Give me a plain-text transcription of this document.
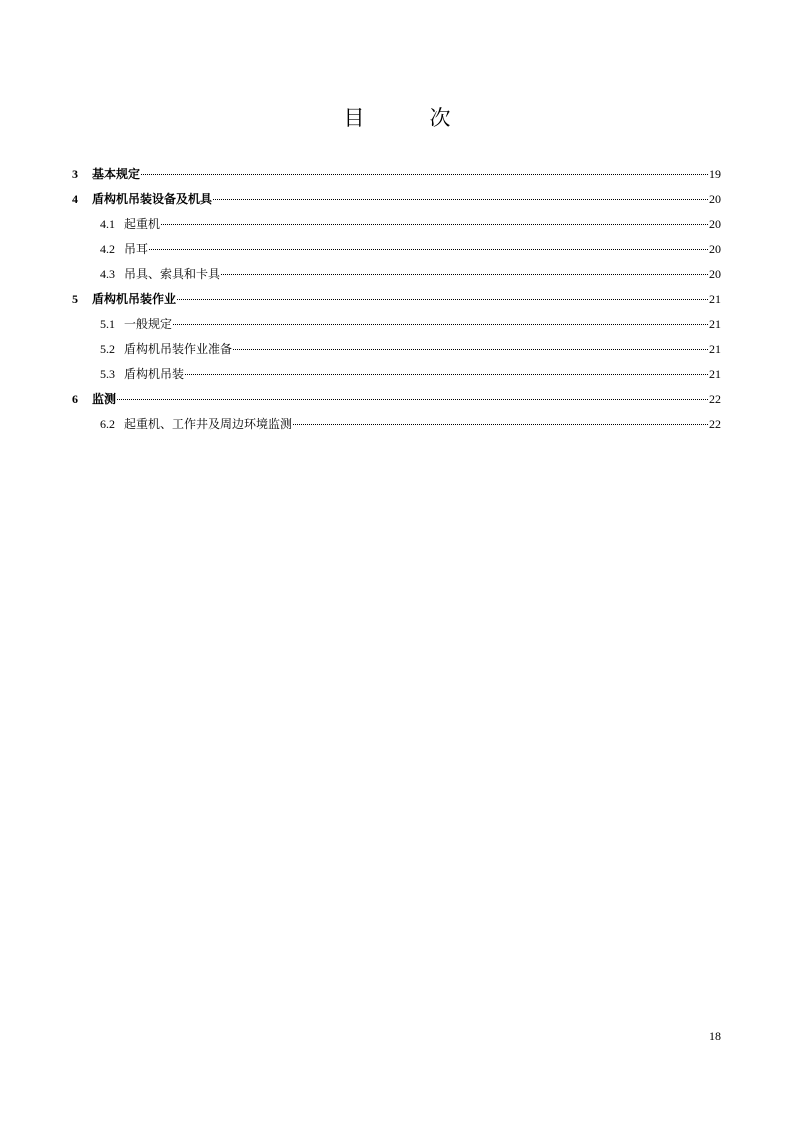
目　次
3	基本规定	19
4	盾构机吊装设备及机具	20
4.1 起重机	20
4.2 吊耳	20
4.3 吊具、索具和卡具	20
5	盾构机吊装作业	21
5.1 一般规定	21
5.2 盾构机吊装作业准备	21
5.3 盾构机吊装	21
6	监测	22
6.2 起重机、工作井及周边环境监测	22
18
